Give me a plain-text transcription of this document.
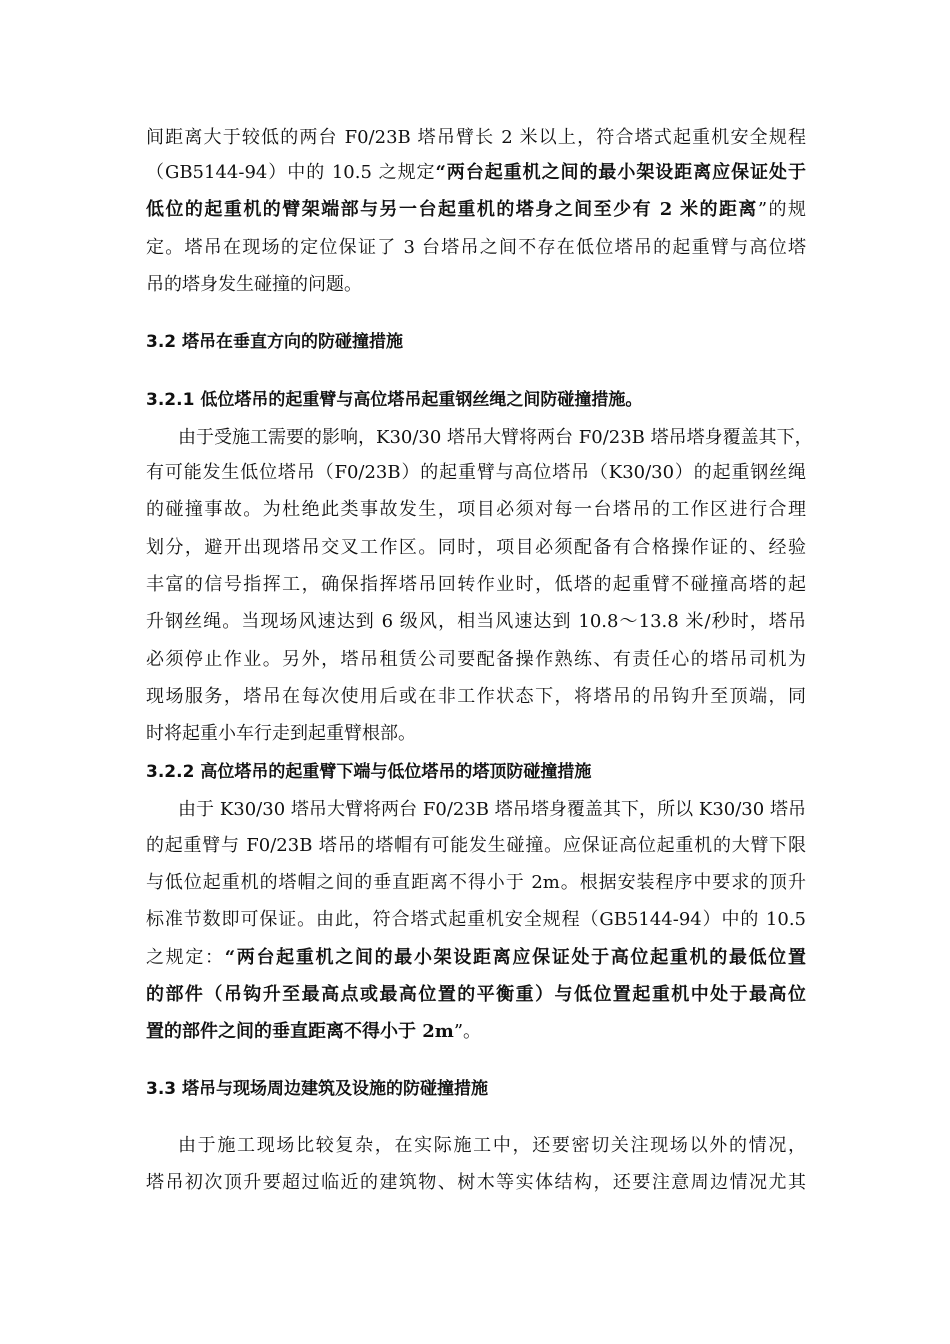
间距离大于较低的两台 F0/23B 塔吊臂长 2 米以上，符合塔式起重机安全规程
（GB5144-94）中的 10.5 之规定“两台起重机之间的最小架设距离应保证处于
低位的起重机的臂架端部与另一台起重机的塔身之间至少有 2 米的距离”的规
定。塔吊在现场的定位保证了 3 台塔吊之间不存在低位塔吊的起重臂与高位塔
吊的塔身发生碰撞的问题。
3.2 塔吊在垂直方向的防碰撞措施
3.2.1 低位塔吊的起重臂与高位塔吊起重钢丝绳之间防碰撞措施。
由于受施工需要的影响，K30/30 塔吊大臂将两台 F0/23B 塔吊塔身覆盖其下，
有可能发生低位塔吊（F0/23B）的起重臂与高位塔吊（K30/30）的起重钢丝绳
的碰撞事故。为杜绝此类事故发生，项目必须对每一台塔吊的工作区进行合理
划分，避开出现塔吊交叉工作区。同时，项目必须配备有合格操作证的、经验
丰富的信号指挥工，确保指挥塔吊回转作业时，低塔的起重臂不碰撞高塔的起
升钢丝绳。当现场风速达到 6 级风，相当风速达到 10.8～13.8 米/秒时，塔吊
必须停止作业。另外，塔吊租赁公司要配备操作熟练、有责任心的塔吊司机为
现场服务，塔吊在每次使用后或在非工作状态下，将塔吊的吊钩升至顶端，同
时将起重小车行走到起重臂根部。
3.2.2 高位塔吊的起重臂下端与低位塔吊的塔顶防碰撞措施
由于 K30/30 塔吊大臂将两台 F0/23B 塔吊塔身覆盖其下，所以 K30/30 塔吊
的起重臂与 F0/23B 塔吊的塔帽有可能发生碰撞。应保证高位起重机的大臂下限
与低位起重机的塔帽之间的垂直距离不得小于 2m。根据安装程序中要求的顶升
标准节数即可保证。由此，符合塔式起重机安全规程（GB5144-94）中的 10.5
之规定：“两台起重机之间的最小架设距离应保证处于高位起重机的最低位置
的部件（吊钩升至最高点或最高位置的平衡重）与低位置起重机中处于最高位
置的部件之间的垂直距离不得小于 2m”。
3.3 塔吊与现场周边建筑及设施的防碰撞措施
由于施工现场比较复杂，在实际施工中，还要密切关注现场以外的情况，
塔吊初次顶升要超过临近的建筑物、树木等实体结构，还要注意周边情况尤其
